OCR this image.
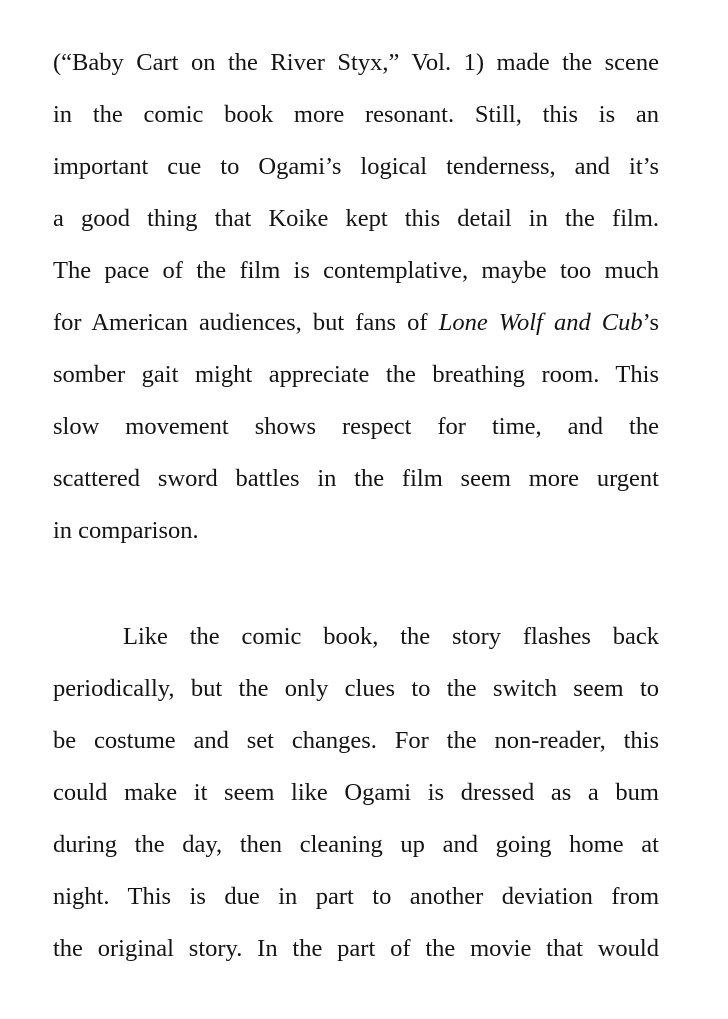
(“Baby Cart on the River Styx,” Vol. 1) made the scene
in the comic book more resonant. Still, this is an
important cue to Ogami’s logical tenderness, and it’s
a good thing that Koike kept this detail in the film.
The pace of the film is contemplative, maybe too much
for American audiences, but fans of Lone Wolf and Cub’s
somber gait might appreciate the breathing room. This
slow movement shows respect for time, and the
scattered sword battles in the film seem more urgent
in comparison.
Like the comic book, the story flashes back
periodically, but the only clues to the switch seem to
be costume and set changes. For the non-reader, this
could make it seem like Ogami is dressed as a bum
during the day, then cleaning up and going home at
night. This is due in part to another deviation from
the original story. In the part of the movie that would
